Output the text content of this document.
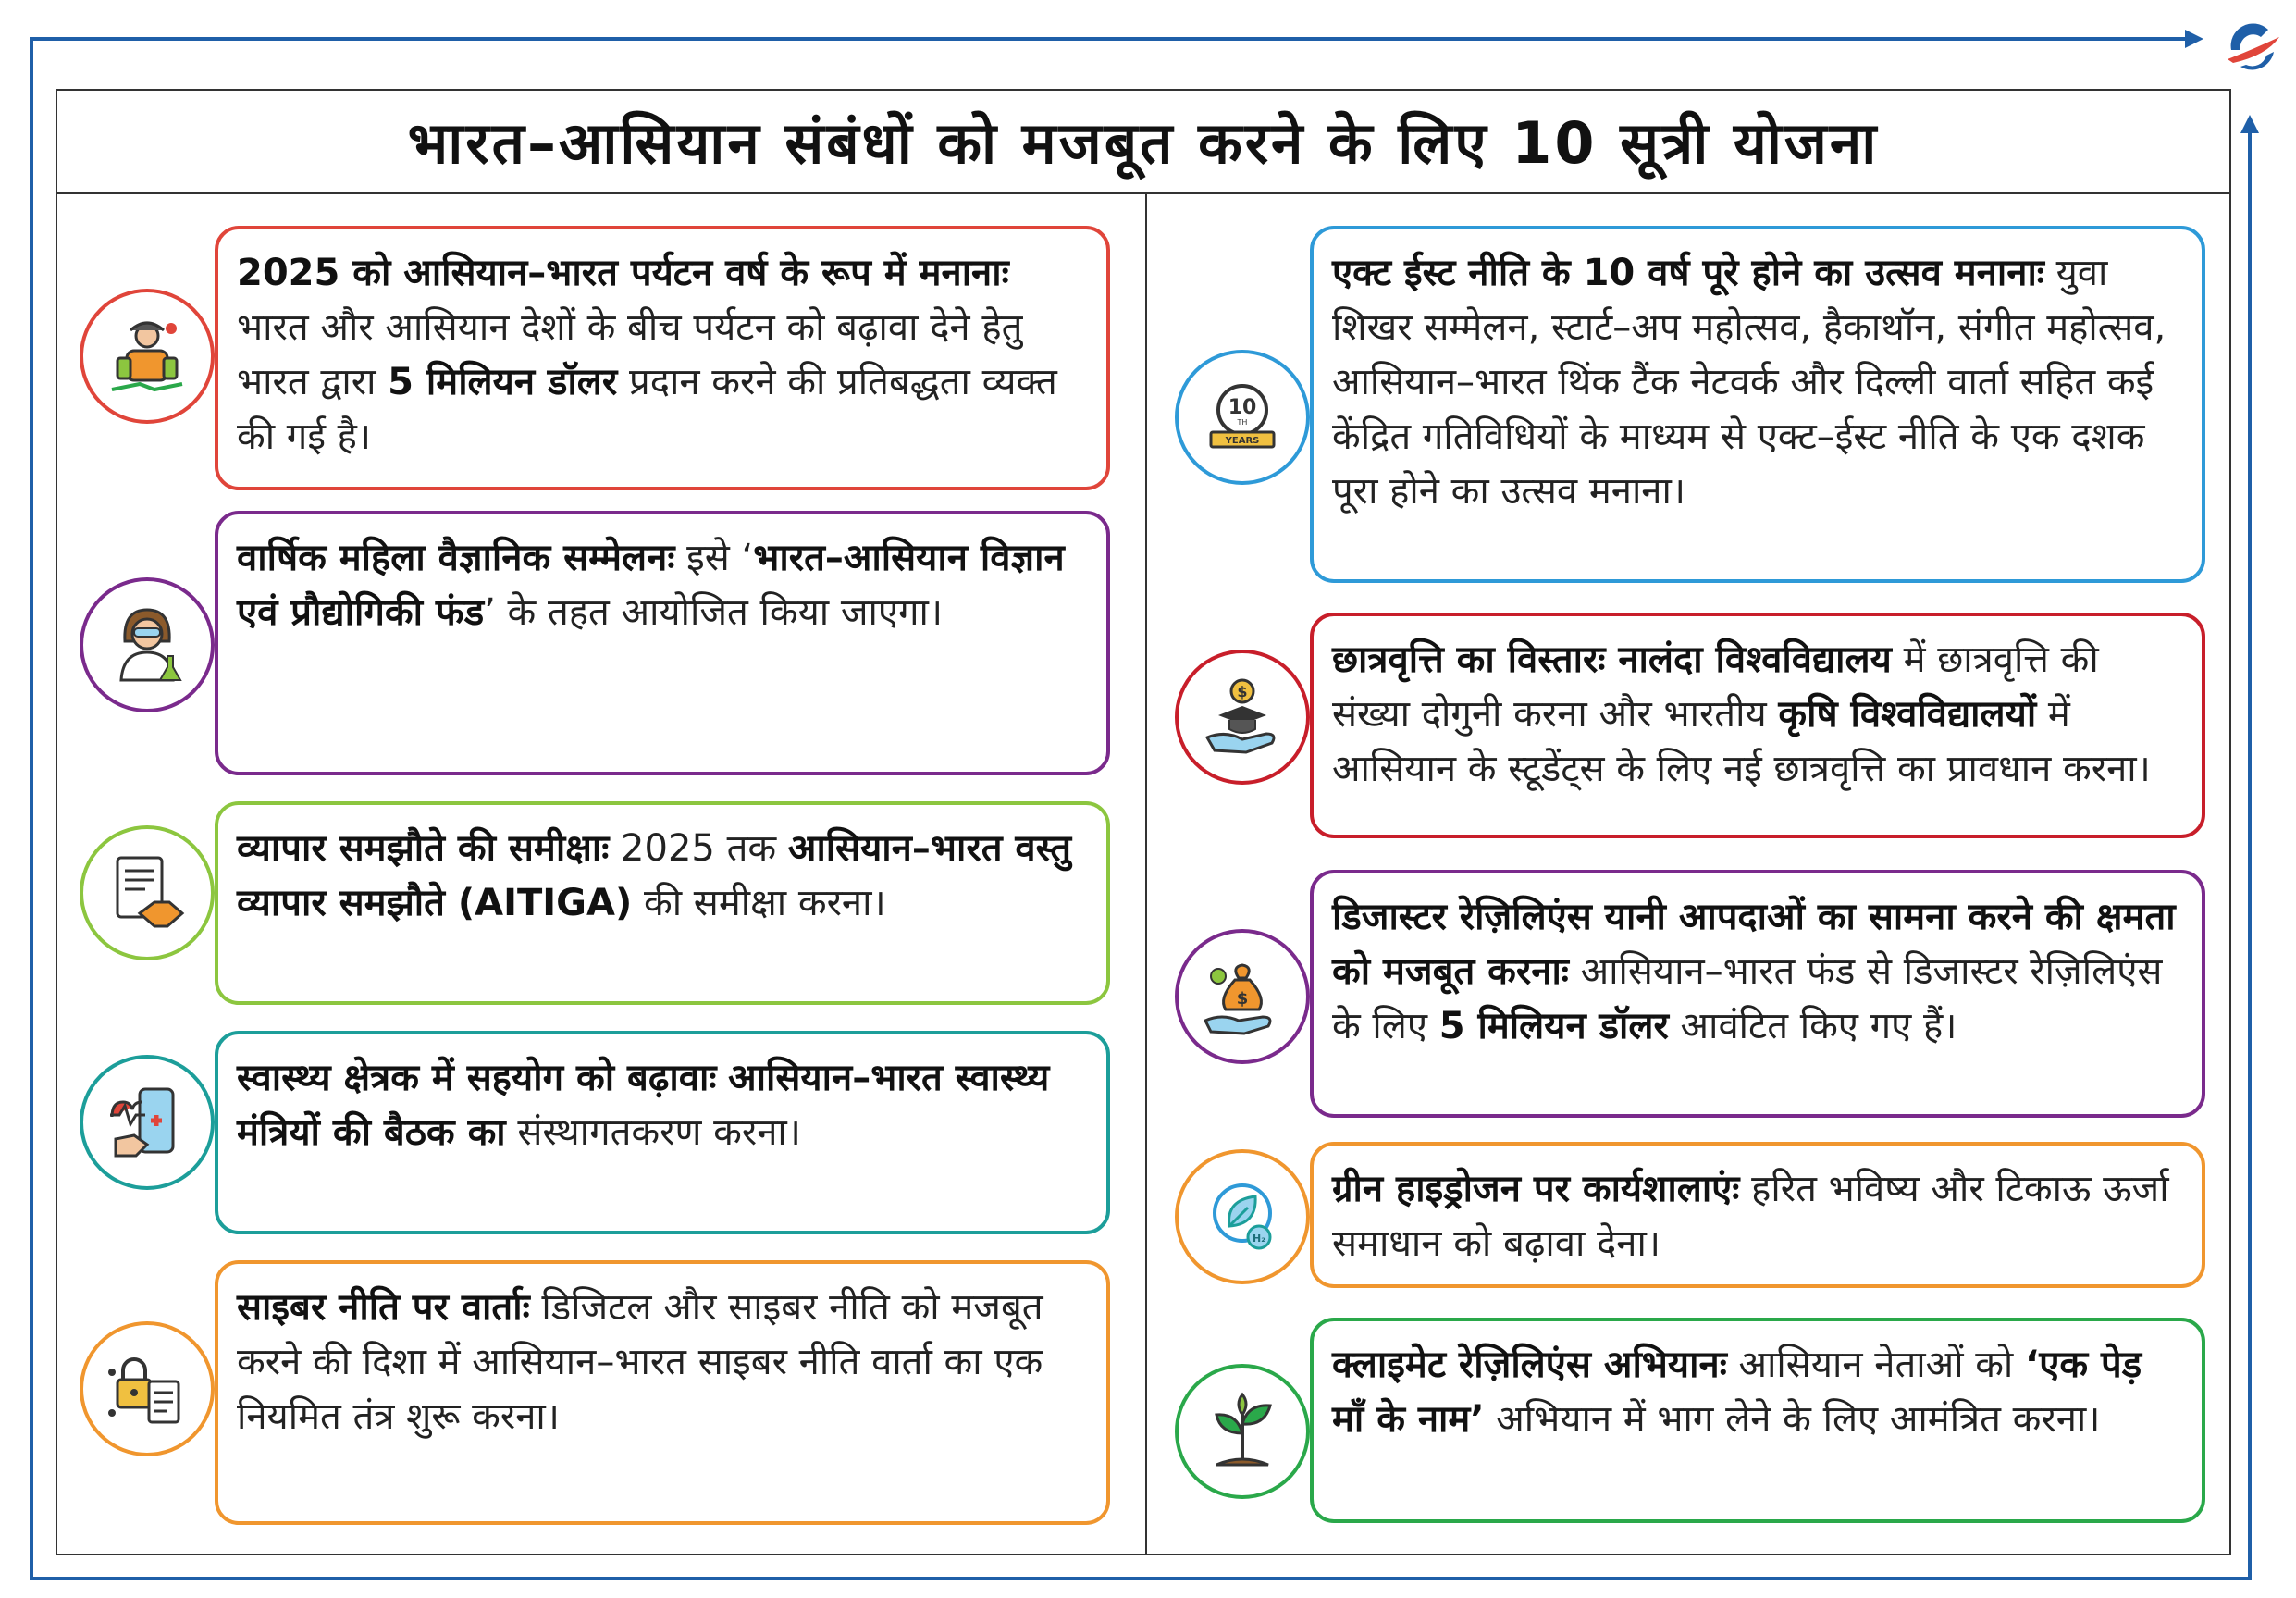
भारत–आसियान संबंधों को मजबूत करने के लिए 10 सूत्री योजना

2025 को आसियान–भारत पर्यटन वर्ष के रूप में मनानाः भारत और आसियान देशों के बीच पर्यटन को बढ़ावा देने हेतु भारत द्वारा 5 मिलियन डॉलर प्रदान करने की प्रतिबद्धता व्यक्त की गई है।

वार्षिक महिला वैज्ञानिक सम्मेलनः इसे ‘भारत–आसियान विज्ञान एवं प्रौद्योगिकी फंड’ के तहत आयोजित किया जाएगा।

व्यापार समझौते की समीक्षाः 2025 तक आसियान–भारत वस्तु व्यापार समझौते (AITIGA) की समीक्षा करना।

स्वास्थ्य क्षेत्रक में सहयोग को बढ़ावाः आसियान–भारत स्वास्थ्य मंत्रियों की बैठक का संस्थागतकरण करना।

साइबर नीति पर वार्ताः डिजिटल और साइबर नीति को मजबूत करने की दिशा में आसियान–भारत साइबर नीति वार्ता का एक नियमित तंत्र शुरू करना।

10
TH
YEARS

एक्ट ईस्ट नीति के 10 वर्ष पूरे होने का उत्सव मनानाः युवा शिखर सम्मेलन, स्टार्ट–अप महोत्सव, हैकाथॉन, संगीत महोत्सव, आसियान–भारत थिंक टैंक नेटवर्क और दिल्ली वार्ता सहित कई केंद्रित गतिविधियों के माध्यम से एक्ट–ईस्ट नीति के एक दशक पूरा होने का उत्सव मनाना।

$

छात्रवृत्ति का विस्तारः नालंदा विश्वविद्यालय में छात्रवृत्ति की संख्या दोगुनी करना और भारतीय कृषि विश्वविद्यालयों में आसियान के स्टूडेंट्स के लिए नई छात्रवृत्ति का प्रावधान करना।

$

डिजास्टर रेज़िलिएंस यानी आपदाओं का सामना करने की क्षमता को मजबूत करनाः आसियान–भारत फंड से डिजास्टर रेज़िलिएंस के लिए 5 मिलियन डॉलर आवंटित किए गए हैं।

H₂

ग्रीन हाइड्रोजन पर कार्यशालाएंः हरित भविष्य और टिकाऊ ऊर्जा समाधान को बढ़ावा देना।

क्लाइमेट रेज़िलिएंस अभियानः आसियान नेताओं को ‘एक पेड़ माँ के नाम’ अभियान में भाग लेने के लिए आमंत्रित करना।
